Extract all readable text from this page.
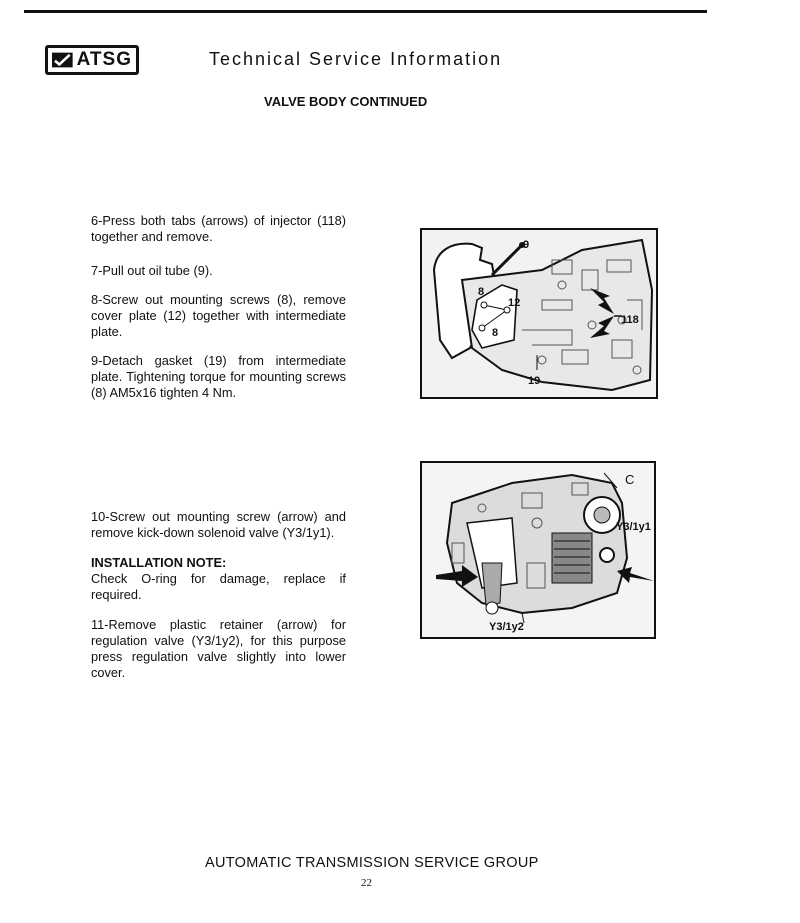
ATSG	Technical Service Information
VALVE BODY CONTINUED
6-Press both tabs (arrows) of injector (118) together and remove.
7-Pull out oil tube (9).
8-Screw out mounting screws (8), remove cover plate (12) together with intermediate plate.
9-Detach gasket (19) from intermediate plate. Tightening torque for mounting screws (8) AM5x16 tighten 4 Nm.
9
12
8
8
118
19
10-Screw out mounting screw (arrow) and remove kick-down solenoid valve (Y3/1y1).
INSTALLATION NOTE:
Check O-ring for damage, replace if required.
11-Remove plastic retainer (arrow) for regulation valve (Y3/1y2), for this purpose press regulation valve slightly into lower cover.
C
Y3/1y1
Y3/1y2
AUTOMATIC TRANSMISSION SERVICE GROUP
22
